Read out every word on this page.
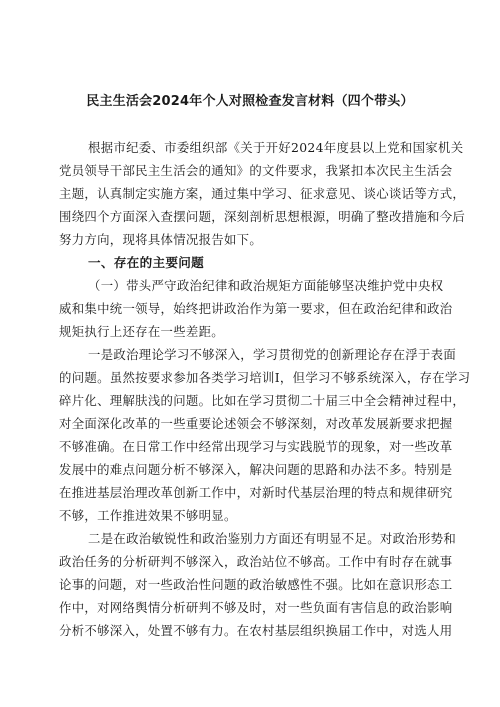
民主生活会2024年个人对照检查发言材料（四个带头）
根据市纪委、市委组织部《关于开好2024年度县以上党和国家机关
党员领导干部民主生活会的通知》的文件要求，我紧扣本次民主生活会
主题，认真制定实施方案，通过集中学习、征求意见、谈心谈话等方式，
围绕四个方面深入查摆问题，深刻剖析思想根源，明确了整改措施和今后
努力方向，现将具体情况报告如下。
一、存在的主要问题
（一）带头严守政治纪律和政治规矩方面能够坚决维护党中央权
威和集中统一领导，始终把讲政治作为第一要求，但在政治纪律和政治
规矩执行上还存在一些差距。
一是政治理论学习不够深入，学习贯彻党的创新理论存在浮于表面
的问题。虽然按要求参加各类学习培训I，但学习不够系统深入，存在学习
碎片化、理解肤浅的问题。比如在学习贯彻二十届三中全会精神过程中，
对全面深化改革的一些重要论述领会不够深刻，对改革发展新要求把握
不够准确。在日常工作中经常出现学习与实践脱节的现象，对一些改革
发展中的难点问题分析不够深入，解决问题的思路和办法不多。特别是
在推进基层治理改革创新工作中，对新时代基层治理的特点和规律研究
不够，工作推进效果不够明显。
二是在政治敏锐性和政治鉴别力方面还有明显不足。对政治形势和
政治任务的分析研判不够深入，政治站位不够高。工作中有时存在就事
论事的问题，对一些政治性问题的政治敏感性不强。比如在意识形态工
作中，对网络舆情分析研判不够及时，对一些负面有害信息的政治影响
分析不够深入，处置不够有力。在农村基层组织换届工作中，对选人用
